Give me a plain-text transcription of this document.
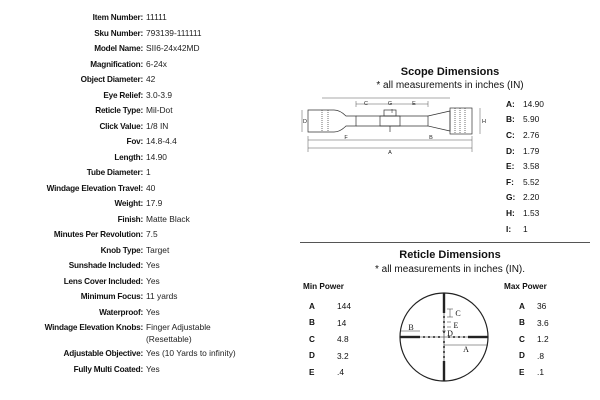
Item Number: 11111
Sku Number: 793139-111111
Model Name: SII6-24x42MD
Magnification: 6-24x
Object Diameter: 42
Eye Relief: 3.0-3.9
Reticle Type: Mil-Dot
Click Value: 1/8 IN
Fov: 14.8-4.4
Length: 14.90
Tube Diameter: 1
Windage Elevation Travel: 40
Weight: 17.9
Finish: Matte Black
Minutes Per Revolution: 7.5
Knob Type: Target
Sunshade Included: Yes
Lens Cover Included: Yes
Minimum Focus: 11 yards
Waterproof: Yes
Windage Elevation Knobs: Finger Adjustable
(Resettable)
Adjustable Objective: Yes (10 Yards to infinity)
Fully Multi Coated: Yes
Scope Dimensions
* all measurements in inches (IN)
C	G	E
D
I
H
F	B
A
A: 14.90
B: 5.90
C: 2.76
D: 1.79
E:	3.58
F:	5.52
G: 2.20
H: 1.53
I:	1
Reticle Dimensions
* all measurements in inches (IN).
Min Power
A	144
B	14
C	4.8
D	3.2
E	.4
Max Power
A	36
B	3.6
C	1.2
D	.8
E	.1
C
E
D
B
A
